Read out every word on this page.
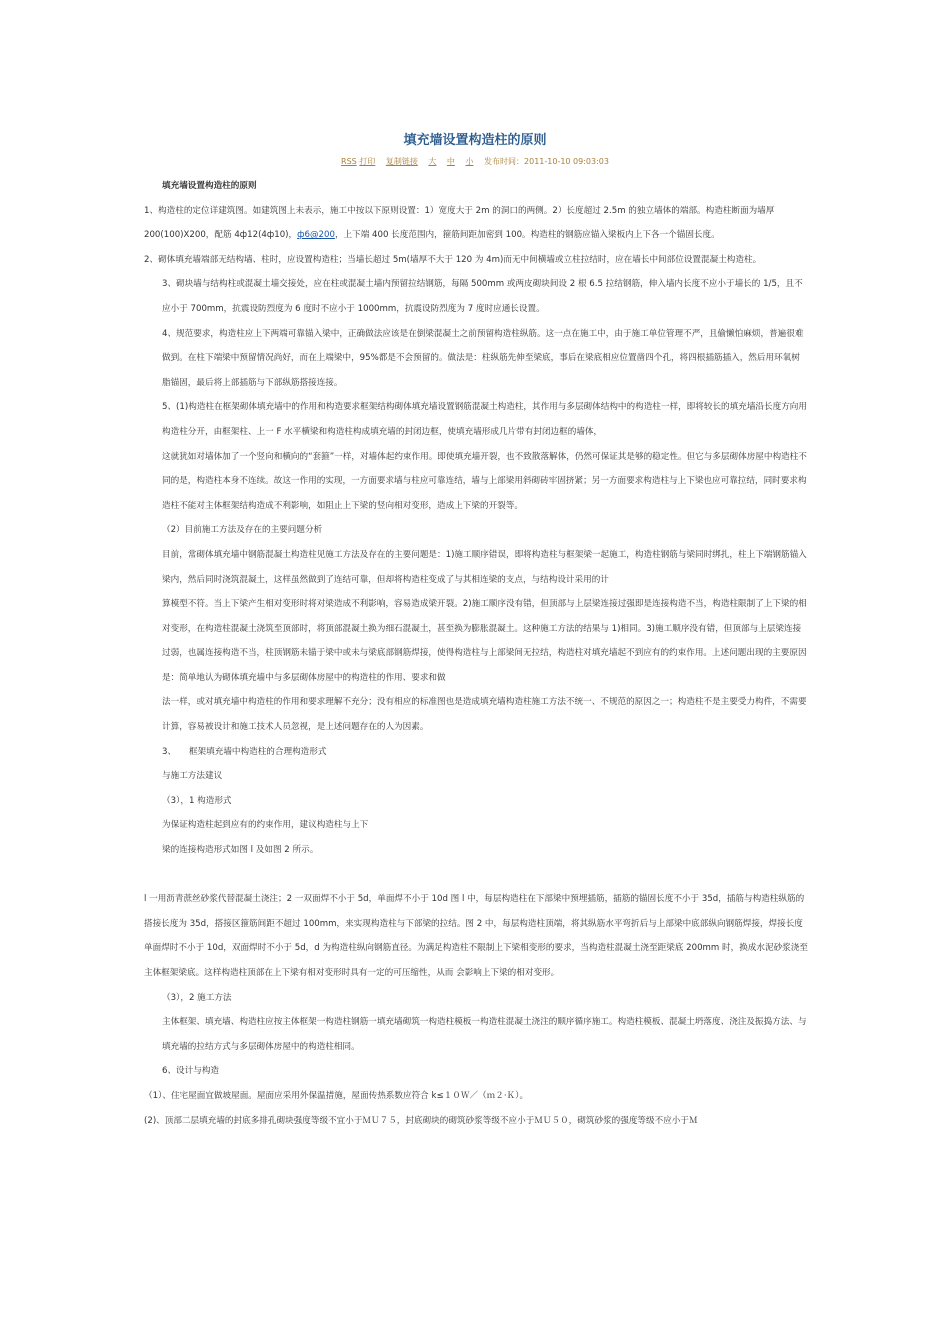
填充墙设置构造柱的原则
RSS 打印 复制链接 大 中 小 发布时间：2011-10-10 09:03:03

填充墙设置构造柱的原则

1、构造柱的定位详建筑图。如建筑图上未表示，施工中按以下原则设置：1）宽度大于 2m 的洞口的两侧。2）长度超过 2.5m 的独立墙体的端部。构造柱断面为墙厚 200(100)X200，配筋 4ф12(4ф10)，ф6@200，上下端 400 长度范围内，箍筋间距加密到 100。构造柱的钢筋应锚入梁板内上下各一个锚固长度。

2、砌体填充墙端部无结构墙、柱时，应设置构造柱；当墙长超过 5m(墙厚不大于 120 为 4m)而无中间横墙或立柱拉结时，应在墙长中间部位设置混凝土构造柱。

3、砌块墙与结构柱或混凝土墙交接处，应在柱或混凝土墙内预留拉结钢筋，每隔 500mm 或两皮砌块间设 2 根 6.5 拉结钢筋，伸入墙内长度不应小于墙长的 1/5，且不应小于 700mm，抗震设防烈度为 6 度时不应小于 1000mm，抗震设防烈度为 7 度时应通长设置。

4、规范要求，构造柱应上下两端可靠锚入梁中，正确做法应该是在倒梁混凝土之前预留构造柱纵筋。这一点在施工中，由于施工单位管理不严，且偷懒怕麻烦，普遍很难做到。在柱下端梁中预留情况尚好，而在上端梁中，95%都是不会预留的。做法是：柱纵筋先伸至梁底，事后在梁底相应位置凿四个孔，将四根插筋插入，然后用环氧树脂锚固，最后将上部插筋与下部纵筋搭接连接。

5、(1)构造柱在框架砌体填充墙中的作用和构造要求框架结构砌体填充墙设置钢筋混凝土构造柱，其作用与多层砌体结构中的构造柱一样，即将较长的填充墙沿长度方向用构造柱分开，由框架柱、上一 F 水平横梁和构造柱构成填充墙的封闭边框，使填充墙形成几片带有封闭边框的墙体，

这就犹如对墙体加了一个竖向和横向的“套箍”一样，对墙体起约束作用。即使填充墙开裂，也不致散落解体，仍然可保证其是够的稳定性。但它与多层砌体房屋中构造柱不同的是，构造柱本身不连续。故这一作用的实现，一方面要求墙与柱应可靠连结，墙与上部梁用斜砌砖牢固挤紧；另一方面要求构造柱与上下梁也应可靠拉结，同时要求构造柱不能对主体框架结构造成不利影响，如阻止上下梁的竖向相对变形，造成上下梁的开裂等。

（2）目前施工方法及存在的主要问题分析

目前，常砌体填充墙中钢筋混凝土构造柱见施工方法及存在的主要问题是：1)施工顺序错误，即将构造柱与框架梁一起施工，构造柱钢筋与梁同时绑扎，柱上下端钢筋锚入梁内，然后同时浇筑混凝土，这样虽然做到了连结可靠，但却将构造柱变成了与其相连梁的支点，与结构设计采用的计

算模型不符。当上下梁产生相对变形时将对梁造成不利影响，容易造成梁开裂。2)施工顺序没有错，但顶部与上层梁连接过强即是连接构造不当，构造柱限制了上下梁的相对变形，在构造柱混凝土浇筑至顶部时，将顶部混凝土换为细石混凝土，甚至换为膨胀混凝土。这种施工方法的结果与 1)相同。3)施工顺序没有错，但顶部与上层梁连接过弱，也属连接构造不当，柱顶钢筋未锚于梁中或未与梁底部钢筋焊接，使得构造柱与上部梁间无拉结，构造柱对填充墙起不到应有的约束作用。上述问题出现的主要原因是：简单地认为砌体填充墙中与多层砌体房屋中的构造柱的作用、要求和做

法一样，或对填充墙中构造柱的作用和要求理解不充分；没有相应的标准图也是造成填充墙构造柱施工方法不统一、不规范的原因之一；构造柱不是主要受力构件，不需要计算，容易被设计和施工技术人员忽视，是上述问题存在的人为因素。

3、　　框架填充墙中构造柱的合理构造形式

与施工方法建议

（3），1 构造形式

为保证构造柱起到应有的约束作用，建议构造柱与上下

梁的连接构造形式如图 l 及如图 2 所示。

l 一用沥青蔗丝砂浆代替混凝土浇注；2 一双面焊不小于 5d，单面焊不小于 10d 图 l 中，每层构造柱在下部梁中预埋插筋，插筋的锚固长度不小于 35d，插筋与构造柱纵筋的搭接长度为 35d，搭接区箍筋间距不超过 100mm，来实现构造柱与下部梁的拉结。图 2 中，每层构造柱顶端，将其纵筋水平弯折后与上部梁中底部纵向钢筋焊接，焊接长度单面焊时不小于 10d，双面焊时不小于 5d，d 为构造柱纵向钢筋直径。为满足构造柱不限制上下梁相变形的要求，当构造柱混凝土浇至距梁底 200mm 时，换成水泥砂浆浇至主体框架梁底。这样构造柱顶部在上下梁有相对变形时具有一定的可压缩性，从而 会影响上下梁的相对变形。

（3），2 施工方法

主体框架、填充墙、构造柱应按主体框架一构造柱钢筋一填充墙砌筑一构造柱模板一构造柱混凝土浇注的顺序循序施工。构造柱模板、混凝土坍落度、浇注及振捣方法、与填充墙的拉结方式与多层砌体房屋中的构造柱相同。

6、设计与构造

（1）、住宅屋面宜做坡屋面。屋面应采用外保温措施，屋面传热系数应符合 k≤１０Ｗ／（ｍ２·Ｋ）。

(2)、顶部二层填充墙的封底多排孔砌块强度等级不宜小于ＭＵ７５，封底砌块的砌筑砂浆等级不应小于ＭＵ５０，砌筑砂浆的强度等级不应小于Ｍ
